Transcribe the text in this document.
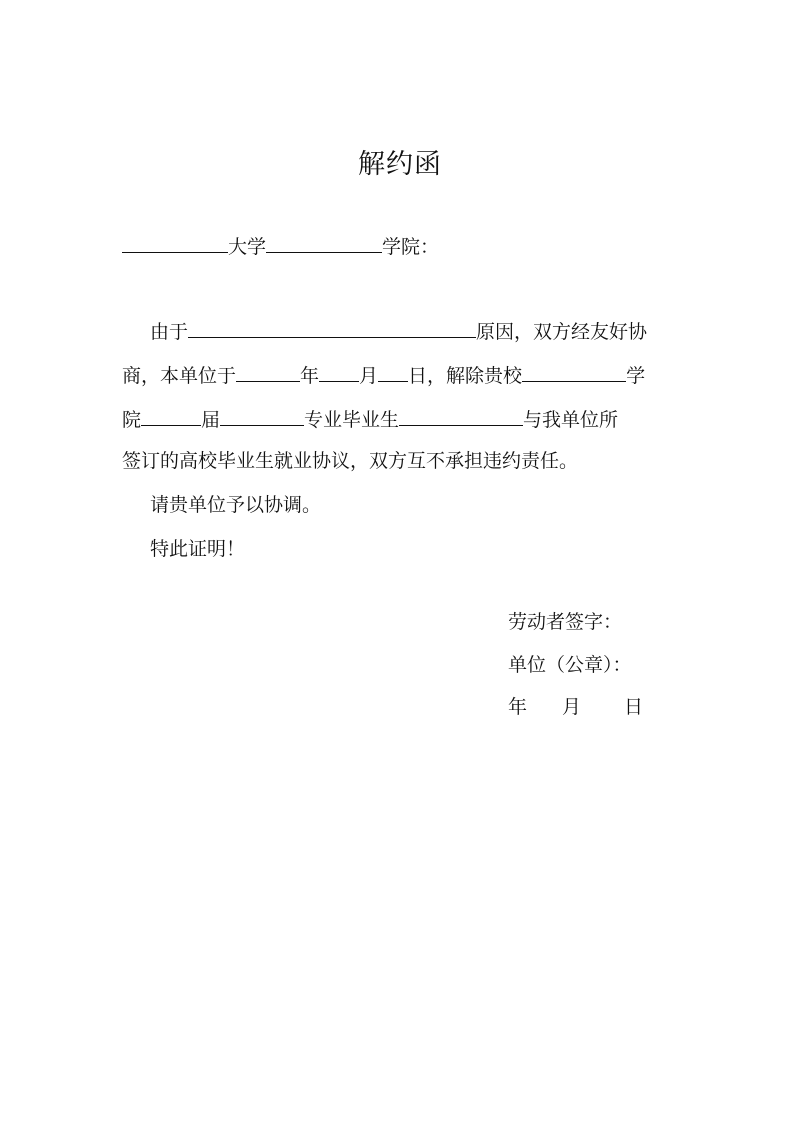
解约函
大学	学院：
由于	原因，双方经友好协
商，本单位于	年 月 日，解除贵校	学
院	届	专业毕业生	与我单位所
签订的高校毕业生就业协议，双方互不承担违约责任。
请贵单位予以协调。
特此证明！
劳动者签字：
单位（公章）：
年 月 日
